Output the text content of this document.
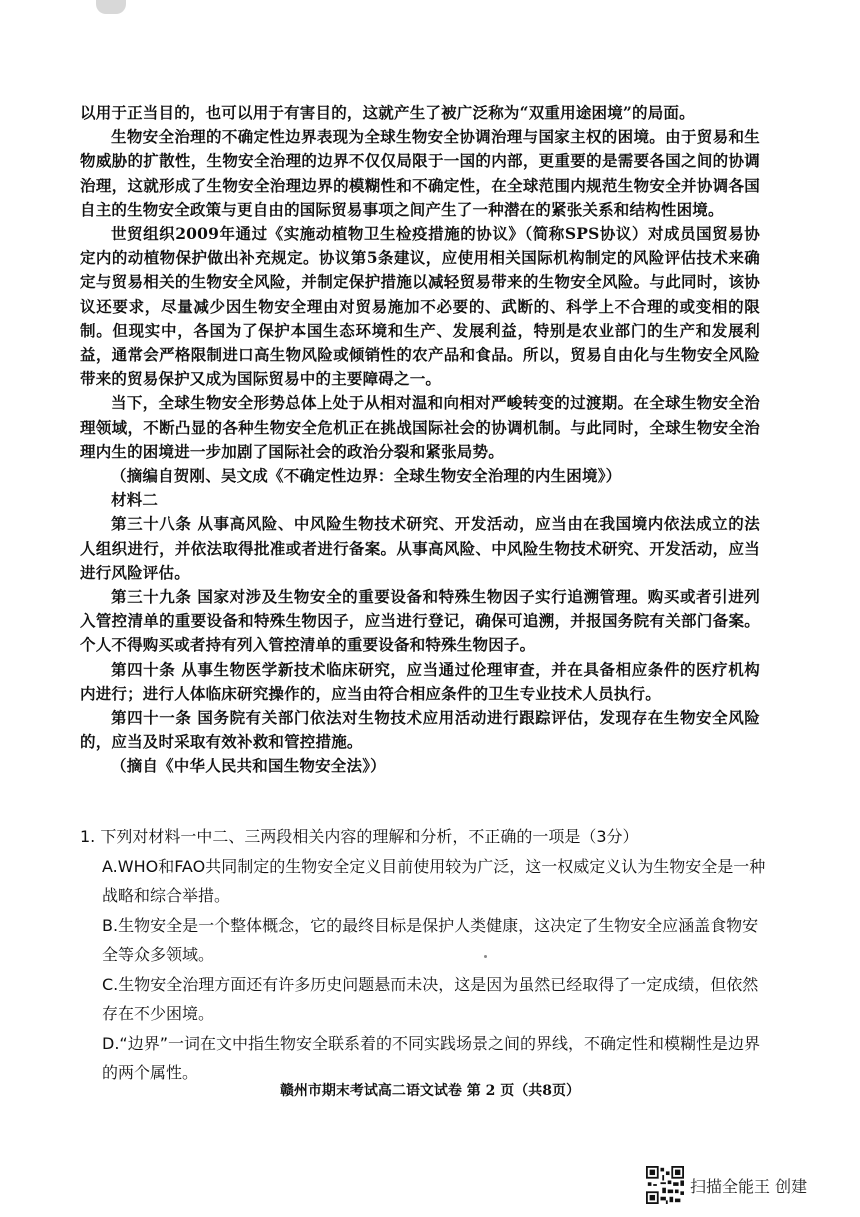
以用于正当目的，也可以用于有害目的，这就产生了被广泛称为“双重用途困境”的局面。

生物安全治理的不确定性边界表现为全球生物安全协调治理与国家主权的困境。由于贸易和生物威胁的扩散性，生物安全治理的边界不仅仅局限于一国的内部，更重要的是需要各国之间的协调治理，这就形成了生物安全治理边界的模糊性和不确定性，在全球范围内规范生物安全并协调各国自主的生物安全政策与更自由的国际贸易事项之间产生了一种潜在的紧张关系和结构性困境。

世贸组织2009年通过《实施动植物卫生检疫措施的协议》（简称SPS协议）对成员国贸易协定内的动植物保护做出补充规定。协议第5条建议，应使用相关国际机构制定的风险评估技术来确定与贸易相关的生物安全风险，并制定保护措施以减轻贸易带来的生物安全风险。与此同时，该协议还要求，尽量减少因生物安全理由对贸易施加不必要的、武断的、科学上不合理的或变相的限制。但现实中，各国为了保护本国生态环境和生产、发展利益，特别是农业部门的生产和发展利益，通常会严格限制进口高生物风险或倾销性的农产品和食品。所以，贸易自由化与生物安全风险带来的贸易保护又成为国际贸易中的主要障碍之一。

当下，全球生物安全形势总体上处于从相对温和向相对严峻转变的过渡期。在全球生物安全治理领域，不断凸显的各种生物安全危机正在挑战国际社会的协调机制。与此同时，全球生物安全治理内生的困境进一步加剧了国际社会的政治分裂和紧张局势。

（摘编自贺刚、吴文成《不确定性边界：全球生物安全治理的内生困境》）

材料二

第三十八条 从事高风险、中风险生物技术研究、开发活动，应当由在我国境内依法成立的法人组织进行，并依法取得批准或者进行备案。从事高风险、中风险生物技术研究、开发活动，应当进行风险评估。

第三十九条 国家对涉及生物安全的重要设备和特殊生物因子实行追溯管理。购买或者引进列入管控清单的重要设备和特殊生物因子，应当进行登记，确保可追溯，并报国务院有关部门备案。个人不得购买或者持有列入管控清单的重要设备和特殊生物因子。

第四十条 从事生物医学新技术临床研究，应当通过伦理审查，并在具备相应条件的医疗机构内进行；进行人体临床研究操作的，应当由符合相应条件的卫生专业技术人员执行。

第四十一条 国务院有关部门依法对生物技术应用活动进行跟踪评估，发现存在生物安全风险的，应当及时采取有效补救和管控措施。

（摘自《中华人民共和国生物安全法》）

1. 下列对材料一中二、三两段相关内容的理解和分析，不正确的一项是（3分）

A.WHO和FAO共同制定的生物安全定义目前使用较为广泛，这一权威定义认为生物安全是一种战略和综合举措。

B.生物安全是一个整体概念，它的最终目标是保护人类健康，这决定了生物安全应涵盖食物安全等众多领域。

C.生物安全治理方面还有许多历史问题悬而未决，这是因为虽然已经取得了一定成绩，但依然存在不少困境。

D.“边界”一词在文中指生物安全联系着的不同实践场景之间的界线，不确定性和模糊性是边界的两个属性。

赣州市期末考试高二语文试卷 第 2 页（共8页）
扫描全能王 创建
